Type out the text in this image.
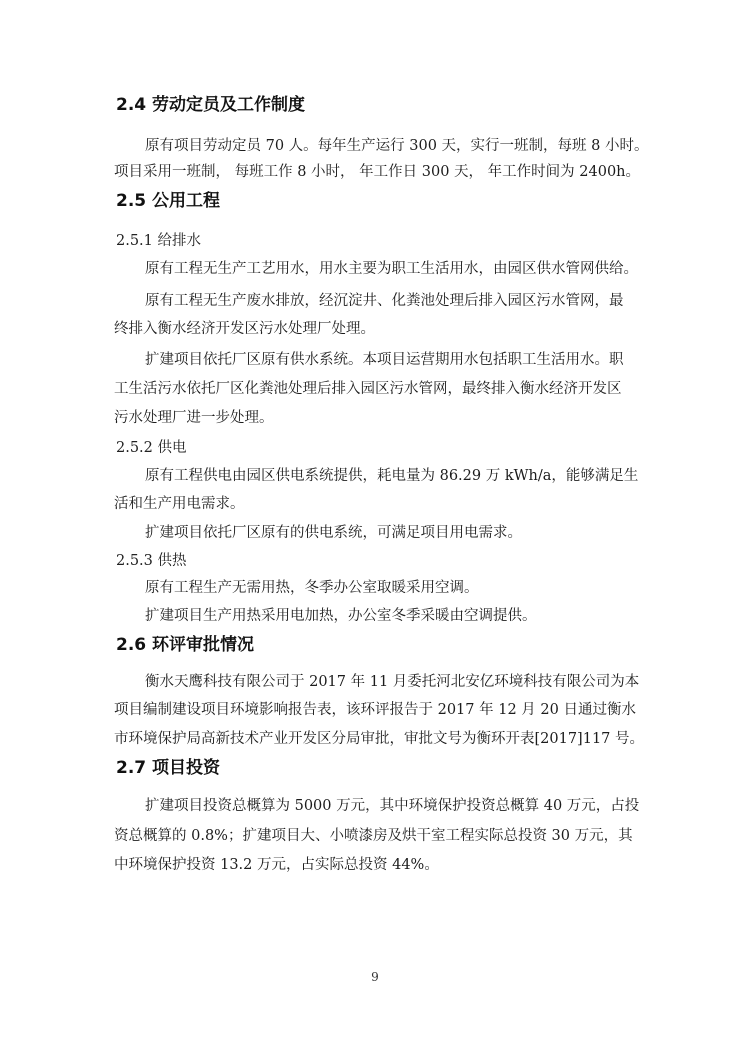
2.4 劳动定员及工作制度
原有项目劳动定员 70 人。每年生产运行 300 天，实行一班制，每班 8 小时。
项目采用一班制， 每班工作 8 小时， 年工作日 300 天， 年工作时间为 2400h。
2.5 公用工程
2.5.1 给排水
原有工程无生产工艺用水，用水主要为职工生活用水，由园区供水管网供给。
原有工程无生产废水排放，经沉淀井、化粪池处理后排入园区污水管网，最
终排入衡水经济开发区污水处理厂处理。
扩建项目依托厂区原有供水系统。本项目运营期用水包括职工生活用水。职
工生活污水依托厂区化粪池处理后排入园区污水管网，最终排入衡水经济开发区
污水处理厂进一步处理。
2.5.2 供电
原有工程供电由园区供电系统提供，耗电量为 86.29 万 kWh/a，能够满足生
活和生产用电需求。
扩建项目依托厂区原有的供电系统，可满足项目用电需求。
2.5.3 供热
原有工程生产无需用热，冬季办公室取暖采用空调。
扩建项目生产用热采用电加热，办公室冬季采暖由空调提供。
2.6 环评审批情况
衡水天鹰科技有限公司于 2017 年 11 月委托河北安亿环境科技有限公司为本
项目编制建设项目环境影响报告表，该环评报告于 2017 年 12 月 20 日通过衡水
市环境保护局高新技术产业开发区分局审批，审批文号为衡环开表[2017]117 号。
2.7 项目投资
扩建项目投资总概算为 5000 万元，其中环境保护投资总概算 40 万元，占投
资总概算的 0.8%；扩建项目大、小喷漆房及烘干室工程实际总投资 30 万元，其
中环境保护投资 13.2 万元，占实际总投资 44%。
9
